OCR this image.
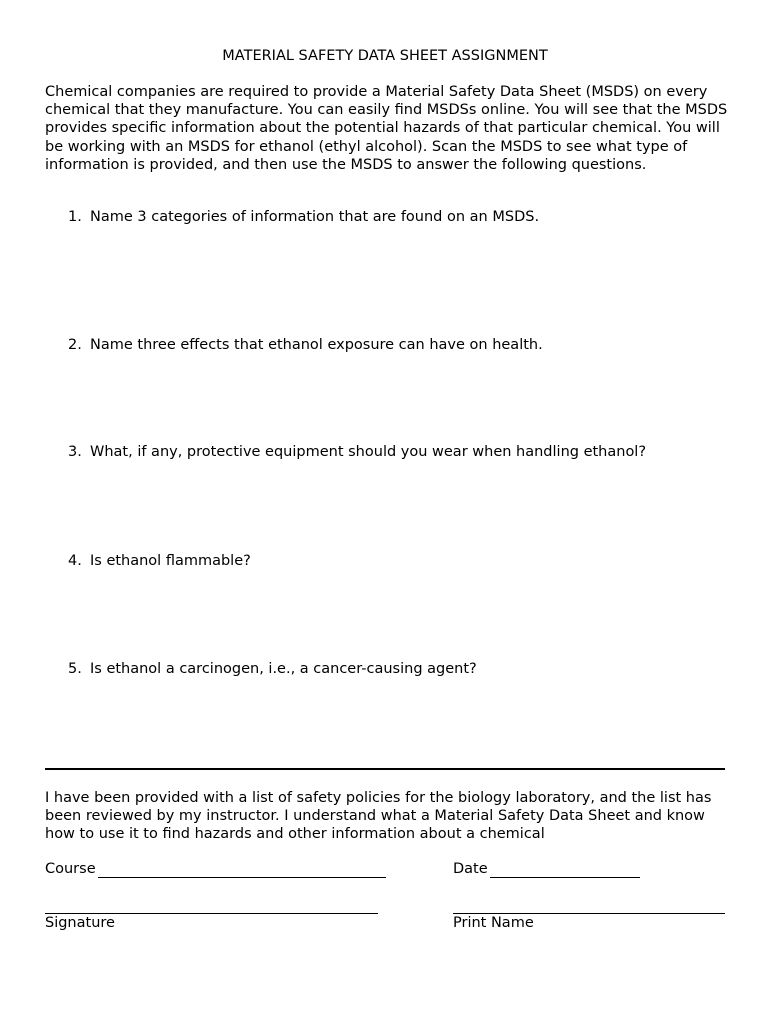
MATERIAL SAFETY DATA SHEET ASSIGNMENT
Chemical companies are required to provide a Material Safety Data Sheet (MSDS) on every chemical that they manufacture. You can easily find MSDSs online. You will see that the MSDS provides specific information about the potential hazards of that particular chemical. You will be working with an MSDS for ethanol (ethyl alcohol). Scan the MSDS to see what type of information is provided, and then use the MSDS to answer the following questions.
1. Name 3 categories of information that are found on an MSDS.
2. Name three effects that ethanol exposure can have on health.
3. What, if any, protective equipment should you wear when handling ethanol?
4. Is ethanol flammable?
5. Is ethanol a carcinogen, i.e., a cancer-causing agent?
I have been provided with a list of safety policies for the biology laboratory, and the list has been reviewed by my instructor. I understand what a Material Safety Data Sheet and know how to use it to find hazards and other information about a chemical
Course	Date
Signature	Print Name
